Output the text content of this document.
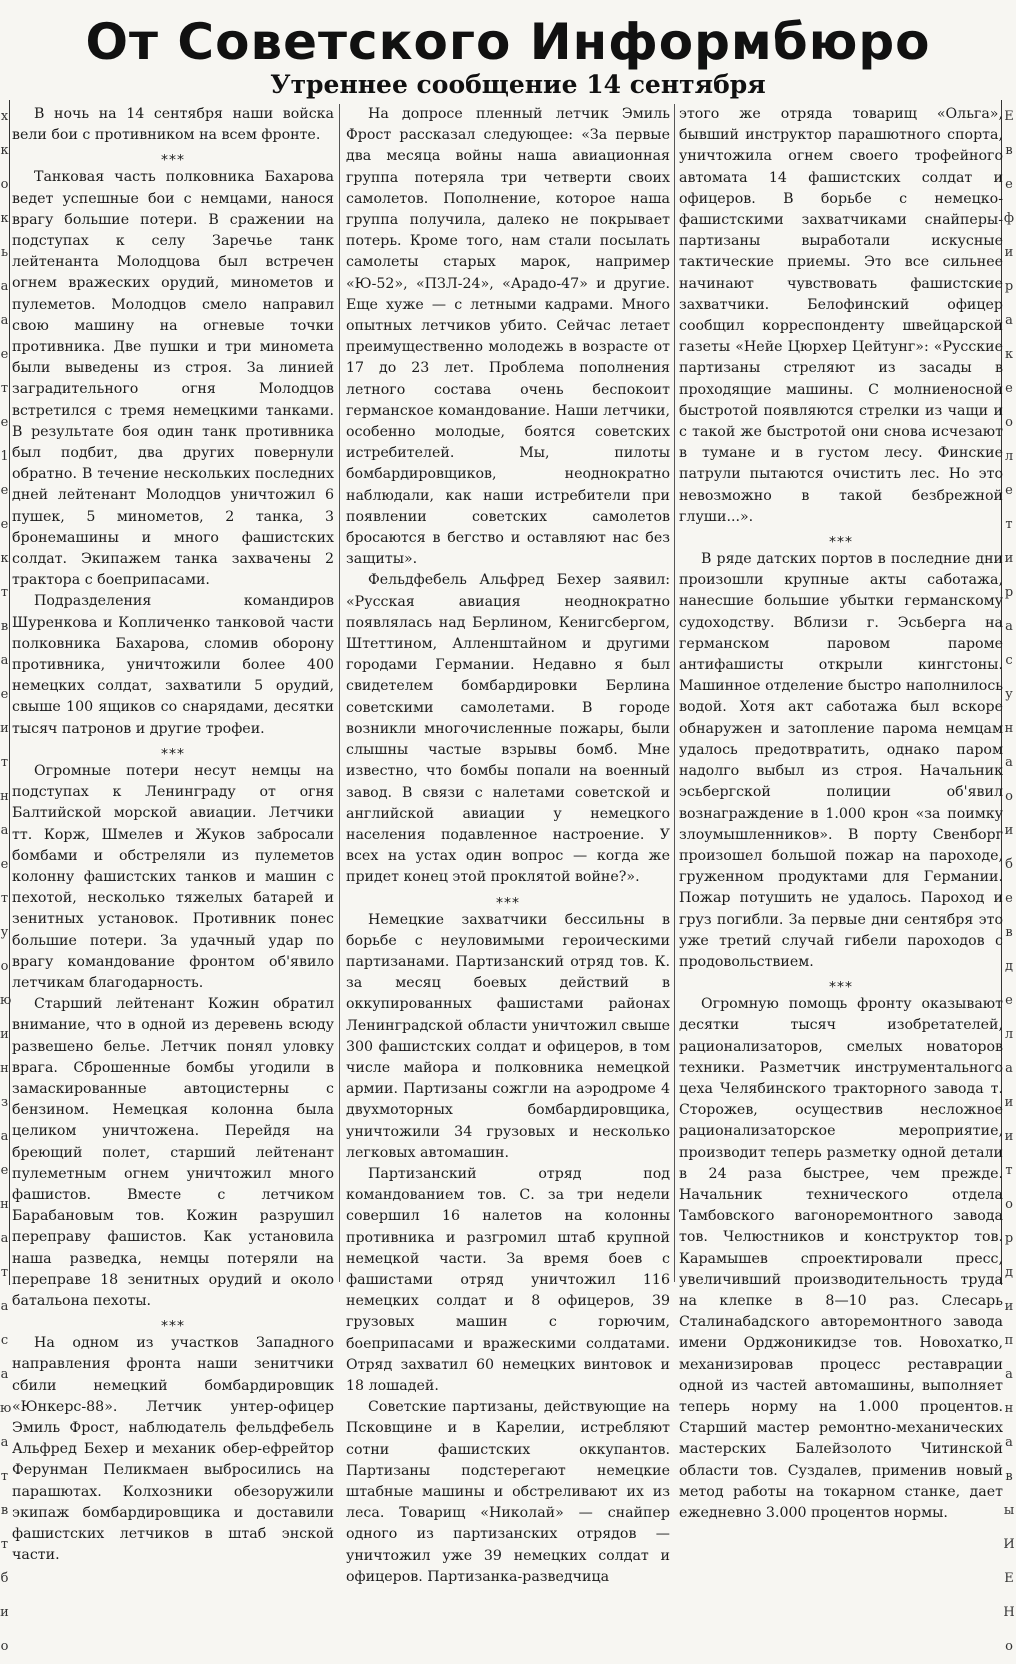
х к о к ь а а е т е 1 е е к т в а е и т н а е т у о ю и н з а е н а т а с а ю а т в т б и о
Е в е ф и р а к е о л е т и р а с у н а о и б е в д е л а и и т о р д и п а н а в ы И Е Н о
От Советского Информбюро
Утреннее сообщение 14 сентября

В ночь на 14 сентября наши войска вели бои с противником на всем фронте.

⁎⁎⁎

Танковая часть полковника Бахарова ведет успешные бои с немцами, нанося врагу большие потери. В сражении на подступах к селу Заречье танк лейтенанта Молодцова был встречен огнем вражеских орудий, минометов и пулеметов. Молодцов смело направил свою машину на огневые точки противника. Две пушки и три миномета были выведены из строя. За линией заградительного огня Молодцов встретился с тремя немецкими танками. В результате боя один танк противника был подбит, два других повернули обратно. В течение нескольких последних дней лейтенант Молодцов уничтожил 6 пушек, 5 минометов, 2 танка, 3 бронемашины и много фашистских солдат. Экипажем танка захвачены 2 трактора с боеприпасами.

Подразделения командиров Шуренкова и Копличенко танковой части полковника Бахарова, сломив оборону противника, уничтожили более 400 немецких солдат, захватили 5 орудий, свыше 100 ящиков со снарядами, десятки тысяч патронов и другие трофеи.

⁎⁎⁎

Огромные потери несут немцы на подступах к Ленинграду от огня Балтийской морской авиации. Летчики тт. Корж, Шмелев и Жуков забросали бомбами и обстреляли из пулеметов колонну фашистских танков и машин с пехотой, несколько тяжелых батарей и зенитных установок. Противник понес большие потери. За удачный удар по врагу командование фронтом об'явило летчикам благодарность.

Старший лейтенант Кожин обратил внимание, что в одной из деревень всюду развешено белье. Летчик понял уловку врага. Сброшенные бомбы угодили в замаскированные автоцистерны с бензином. Немецкая колонна была целиком уничтожена. Перейдя на бреющий полет, старший лейтенант пулеметным огнем уничтожил много фашистов. Вместе с летчиком Барабановым тов. Кожин разрушил переправу фашистов. Как установила наша разведка, немцы потеряли на переправе 18 зенитных орудий и около батальона пехоты.

⁎⁎⁎

На одном из участков Западного направления фронта наши зенитчики сбили немецкий бомбардировщик «Юнкерс-88». Летчик унтер-офицер Эмиль Фрост, наблюдатель фельдфебель Альфред Бехер и механик обер-ефрейтор Ферунман Пеликмаен выбросились на парашютах. Колхозники обезоружили экипаж бомбардировщика и доставили фашистских летчиков в штаб энской части.

На допросе пленный летчик Эмиль Фрост рассказал следующее: «За первые два месяца войны наша авиационная группа потеряла три четверти своих самолетов. Пополнение, которое наша группа получила, далеко не покрывает потерь. Кроме того, нам стали посылать самолеты старых марок, например «Ю-52», «ПЗЛ-24», «Арадо-47» и другие. Еще хуже — с летными кадрами. Много опытных летчиков убито. Сейчас летает преимущественно молодежь в возрасте от 17 до 23 лет. Проблема пополнения летного состава очень беспокоит германское командование. Наши летчики, особенно молодые, боятся советских истребителей. Мы, пилоты бомбардировщиков, неоднократно наблюдали, как наши истребители при появлении советских самолетов бросаются в бегство и оставляют нас без защиты».

Фельдфебель Альфред Бехер заявил: «Русская авиация неоднократно появлялась над Берлином, Кенигсбергом, Штеттином, Алленштайном и другими городами Германии. Недавно я был свидетелем бомбардировки Берлина советскими самолетами. В городе возникли многочисленные пожары, были слышны частые взрывы бомб. Мне известно, что бомбы попали на военный завод. В связи с налетами советской и английской авиации у немецкого населения подавленное настроение. У всех на устах один вопрос — когда же придет конец этой проклятой войне?».

⁎⁎⁎

Немецкие захватчики бессильны в борьбе с неуловимыми героическими партизанами. Партизанский отряд тов. К. за месяц боевых действий в оккупированных фашистами районах Ленинградской области уничтожил свыше 300 фашистских солдат и офицеров, в том числе майора и полковника немецкой армии. Партизаны сожгли на аэродроме 4 двухмоторных бомбардировщика, уничтожили 34 грузовых и несколько легковых автомашин.

Партизанский отряд под командованием тов. С. за три недели совершил 16 налетов на колонны противника и разгромил штаб крупной немецкой части. За время боев с фашистами отряд уничтожил 116 немецких солдат и 8 офицеров, 39 грузовых машин с горючим, боеприпасами и вражескими солдатами. Отряд захватил 60 немецких винтовок и 18 лошадей.

Советские партизаны, действующие на Псковщине и в Карелии, истребляют сотни фашистских оккупантов. Партизаны подстерегают немецкие штабные машины и обстреливают их из леса. Товарищ «Николай» — снайпер одного из партизанских отрядов — уничтожил уже 39 немецких солдат и офицеров. Партизанка-разведчица

этого же отряда товарищ «Ольга», бывший инструктор парашютного спорта, уничтожила огнем своего трофейного автомата 14 фашистских солдат и офицеров. В борьбе с немецко-фашистскими захватчиками снайперы-партизаны выработали искусные тактические приемы. Это все сильнее начинают чувствовать фашистские захватчики. Белофинский офицер сообщил корреспонденту швейцарской газеты «Нейе Цюрхер Цейтунг»: «Русские партизаны стреляют из засады в проходящие машины. С молниеносной быстротой появляются стрелки из чащи и с такой же быстротой они снова исчезают в тумане и в густом лесу. Финские патрули пытаются очистить лес. Но это невозможно в такой безбрежной глуши...».

⁎⁎⁎

В ряде датских портов в последние дни произошли крупные акты саботажа, нанесшие большие убытки германскому судоходству. Вблизи г. Эсьберга на германском паровом пароме антифашисты открыли кингстоны. Машинное отделение быстро наполнилось водой. Хотя акт саботажа был вскоре обнаружен и затопление парома немцам удалось предотвратить, однако паром надолго выбыл из строя. Начальник эсьбергской полиции об'явил вознаграждение в 1.000 крон «за поимку злоумышленников». В порту Свенборг произошел большой пожар на пароходе, груженном продуктами для Германии. Пожар потушить не удалось. Пароход и груз погибли. За первые дни сентября это уже третий случай гибели пароходов с продовольствием.

⁎⁎⁎

Огромную помощь фронту оказывают десятки тысяч изобретателей, рационализаторов, смелых новаторов техники. Разметчик инструментального цеха Челябинского тракторного завода т. Сторожев, осуществив несложное рационализаторское мероприятие, производит теперь разметку одной детали в 24 раза быстрее, чем прежде. Начальник технического отдела Тамбовского вагоноремонтного завода тов. Челюстников и конструктор тов. Карамышев спроектировали пресс, увеличивший производительность труда на клепке в 8—10 раз. Слесарь Сталинабадского авторемонтного завода имени Орджоникидзе тов. Новохатко, механизировав процесс реставрации одной из частей автомашины, выполняет теперь норму на 1.000 процентов. Старший мастер ремонтно-механических мастерских Балейзолото Читинской области тов. Суздалев, применив новый метод работы на токарном станке, дает ежедневно 3.000 процентов нормы.
